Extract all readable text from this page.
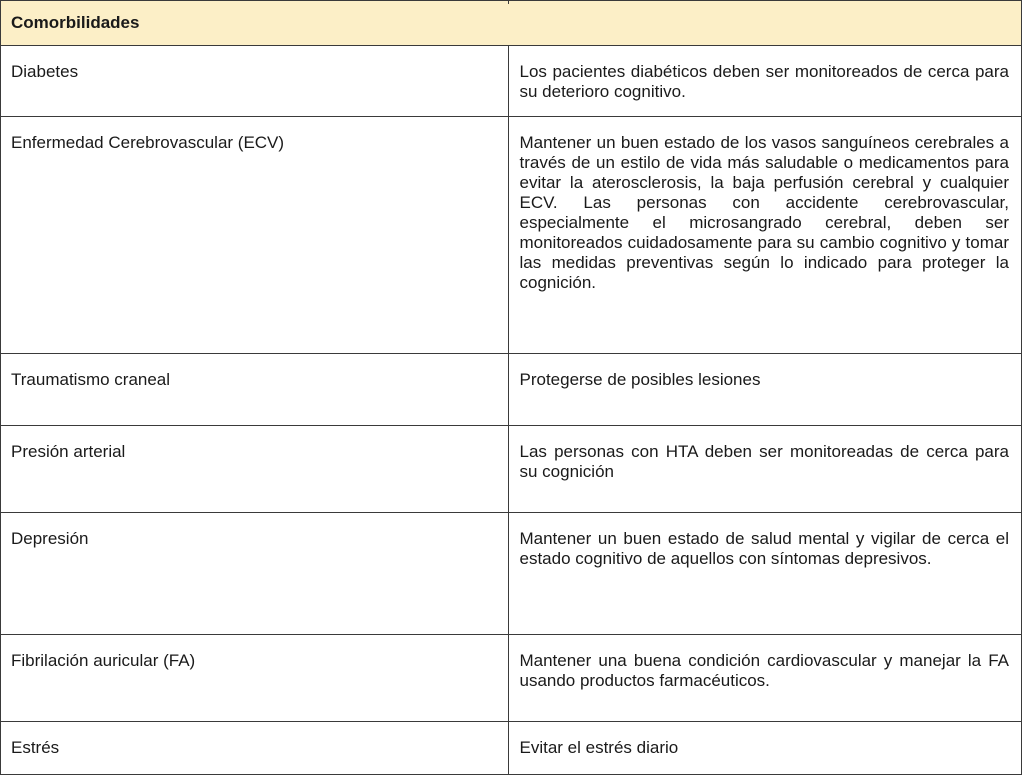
Comorbilidades	
Diabetes	Los pacientes diabéticos deben ser monitoreados de cerca para su deterioro cognitivo.
Enfermedad Cerebrovascular (ECV)	Mantener un buen estado de los vasos sanguíneos cerebrales a través de un estilo de vida más saludable o medicamentos para evitar la aterosclerosis, la baja perfusión cerebral y cualquier ECV. Las personas con accidente cerebrovascular, especialmente el microsangrado cerebral, deben ser monitoreados cuidadosamente para su cambio cognitivo y tomar las medidas preventivas según lo indicado para proteger la cognición.
Traumatismo craneal	Protegerse de posibles lesiones
Presión arterial	Las personas con HTA deben ser monitoreadas de cerca para su cognición
Depresión	Mantener un buen estado de salud mental y vigilar de cerca el estado cognitivo de aquellos con síntomas depresivos.
Fibrilación auricular (FA)	Mantener una buena condición cardiovascular y manejar la FA usando productos farmacéuticos.
Estrés	Evitar el estrés diario
